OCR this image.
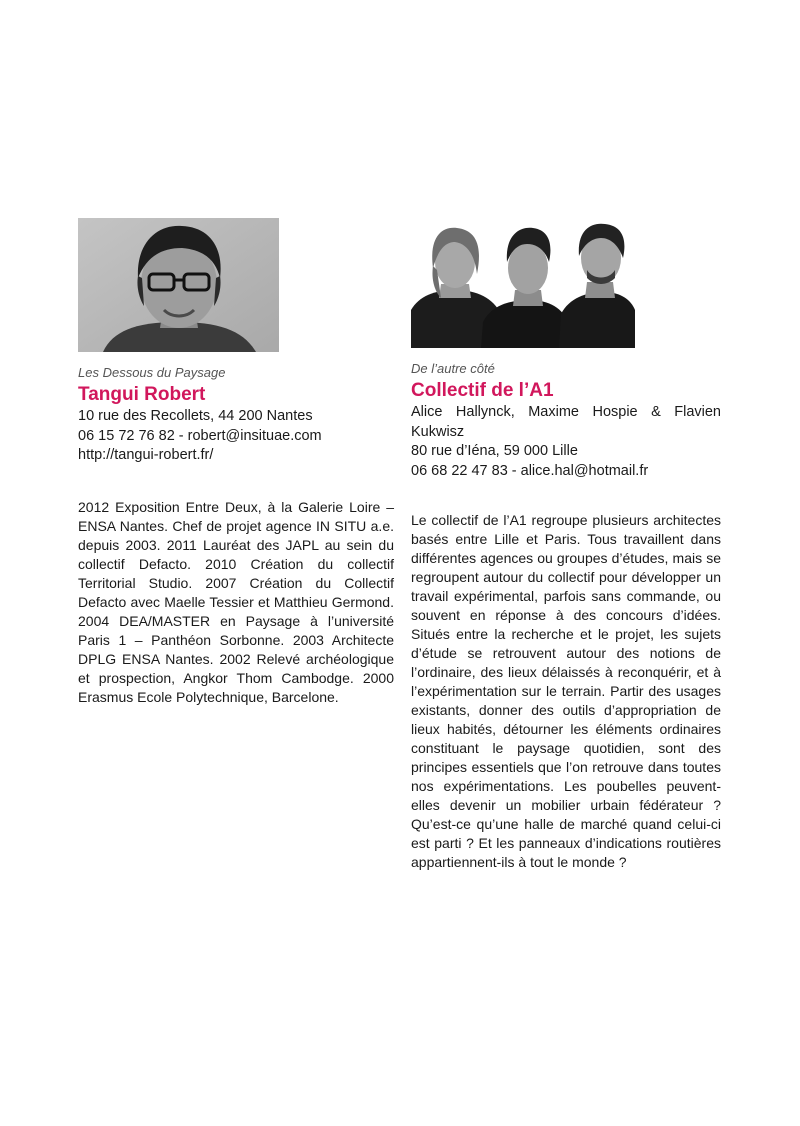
Les Dessous du Paysage
Tangui Robert
10 rue des Recollets, 44 200 Nantes
06 15 72 76 82 - robert@insituae.com
http://tangui-robert.fr/
2012 Exposition Entre Deux, à la Galerie Loire – ENSA Nantes. Chef de projet agence IN SITU a.e. depuis 2003. 2011 Lauréat des JAPL au sein du collectif Defacto. 2010 Création du collectif Territorial Studio. 2007 Création du Collectif Defacto avec Maelle Tessier et Matthieu Germond. 2004 DEA/MASTER en Paysage à l’université Paris 1 – Panthéon Sorbonne. 2003 Architecte DPLG ENSA Nantes. 2002 Relevé archéologique et prospection, Angkor Thom Cambodge. 2000 Erasmus Ecole Polytechnique, Barcelone.
De l’autre côté
Collectif de l’A1
Alice Hallynck, Maxime Hospie & Flavien Kukwisz
80 rue d’Iéna, 59 000 Lille
06 68 22 47 83 - alice.hal@hotmail.fr
Le collectif de l’A1 regroupe plusieurs architectes basés entre Lille et Paris. Tous travaillent dans différentes agences ou groupes d’études, mais se regroupent autour du collectif pour développer un travail expérimental, parfois sans commande, ou souvent en réponse à des concours d’idées. Situés entre la recherche et le projet, les sujets d’étude se retrouvent autour des notions de l’ordinaire, des lieux délaissés à reconquérir, et à l’expérimentation sur le terrain. Partir des usages existants, donner des outils d’appropriation de lieux habités, détourner les éléments ordinaires constituant le paysage quotidien, sont des principes essentiels que l’on retrouve dans toutes nos expérimentations. Les poubelles peuvent-elles devenir un mobilier urbain fédérateur ? Qu’est-ce qu’une halle de marché quand celui-ci est parti ? Et les panneaux d’indications routières appartiennent-ils à tout le monde ?
